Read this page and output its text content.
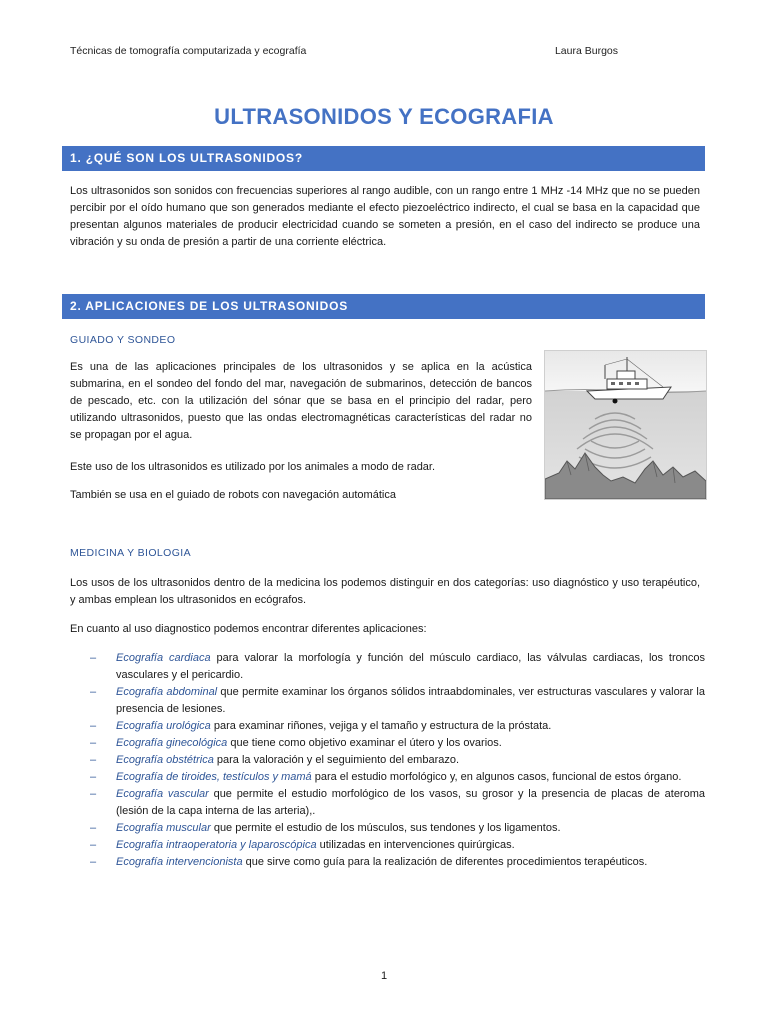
Técnicas de tomografía computarizada y ecografía	Laura Burgos
ULTRASONIDOS Y ECOGRAFIA
1. ¿QUÉ SON LOS ULTRASONIDOS?

Los ultrasonidos son sonidos con frecuencias superiores al rango audible, con un rango entre 1 MHz -14 MHz que no se pueden percibir por el oído humano que son generados mediante el efecto piezoeléctrico indirecto, el cual se basa en la capacidad que presentan algunos materiales de producir electricidad cuando se someten a presión, en el caso del indirecto se produce una vibración y su onda de presión a partir de una corriente eléctrica.

2. APLICACIONES DE LOS ULTRASONIDOS
GUIADO Y SONDEO

Es una de las aplicaciones principales de los ultrasonidos y se aplica en la acústica submarina, en el sondeo del fondo del mar, navegación de submarinos, detección de bancos de pescado, etc. con la utilización del sónar que se basa en el principio del radar, pero utilizando ultrasonidos, puesto que las ondas electromagnéticas características del radar no se propagan por el agua.

Este uso de los ultrasonidos es utilizado por los animales a modo de radar.

También se usa en el guiado de robots con navegación automática

MEDICINA Y BIOLOGIA

Los usos de los ultrasonidos dentro de la medicina los podemos distinguir en dos categorías: uso diagnóstico y uso terapéutico, y ambas emplean los ultrasonidos en ecógrafos.

En cuanto al uso diagnostico podemos encontrar diferentes aplicaciones:

– Ecografía cardiaca para valorar la morfología y función del músculo cardiaco, las válvulas cardiacas, los troncos vasculares y el pericardio.
– Ecografía abdominal que permite examinar los órganos sólidos intraabdominales, ver estructuras vasculares y valorar la presencia de lesiones.
– Ecografía urológica para examinar riñones, vejiga y el tamaño y estructura de la próstata.
– Ecografía ginecológica que tiene como objetivo examinar el útero y los ovarios.
– Ecografía obstétrica para la valoración y el seguimiento del embarazo.
– Ecografía de tiroides, testículos y mamá para el estudio morfológico y, en algunos casos, funcional de estos órgano.
– Ecografía vascular que permite el estudio morfológico de los vasos, su grosor y la presencia de placas de ateroma (lesión de la capa interna de las arteria),.
– Ecografía muscular que permite el estudio de los músculos, sus tendones y los ligamentos.
– Ecografía intraoperatoria y laparoscópica utilizadas en intervenciones quirúrgicas.
– Ecografía intervencionista que sirve como guía para la realización de diferentes procedimientos terapéuticos.
1
